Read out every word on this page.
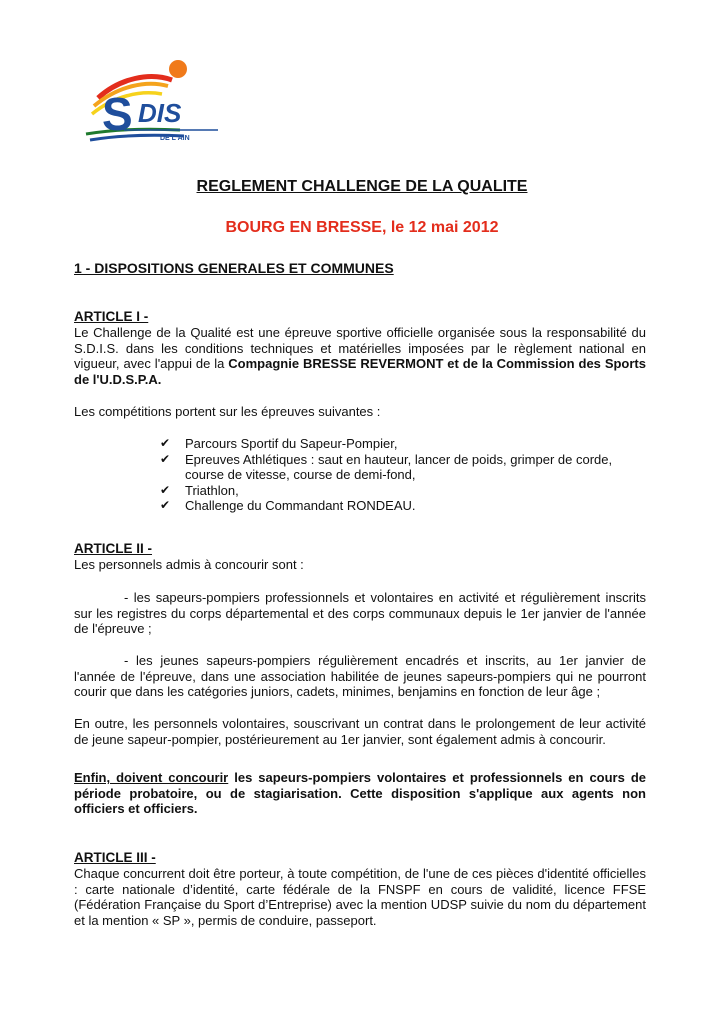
S DIS
DE L'AIN
REGLEMENT CHALLENGE DE LA QUALITE
BOURG EN BRESSE, le 12 mai 2012
1 - DISPOSITIONS GENERALES ET COMMUNES
ARTICLE I -
Le Challenge de la Qualité est une épreuve sportive officielle organisée sous la responsabilité du S.D.I.S. dans les conditions techniques et matérielles imposées par le règlement national en vigueur, avec l'appui de la Compagnie BRESSE REVERMONT et de la Commission des Sports de l'U.D.S.P.A.
Les compétitions portent sur les épreuves suivantes :
✔ Parcours Sportif du Sapeur-Pompier,
✔ Epreuves Athlétiques : saut en hauteur, lancer de poids, grimper de corde, course de vitesse, course de demi-fond,
✔ Triathlon,
✔ Challenge du Commandant RONDEAU.
ARTICLE II -
Les personnels admis à concourir sont :
- les sapeurs-pompiers professionnels et volontaires en activité et régulièrement inscrits sur les registres du corps départemental et des corps communaux depuis le 1er janvier de l'année de l'épreuve ;
- les jeunes sapeurs-pompiers régulièrement encadrés et inscrits, au 1er janvier de l'année de l'épreuve, dans une association habilitée de jeunes sapeurs-pompiers qui ne pourront courir que dans les catégories juniors, cadets, minimes, benjamins en fonction de leur âge ;
En outre, les personnels volontaires, souscrivant un contrat dans le prolongement de leur activité de jeune sapeur-pompier, postérieurement au 1er janvier, sont également admis à concourir.
Enfin, doivent concourir les sapeurs-pompiers volontaires et professionnels en cours de période probatoire, ou de stagiarisation. Cette disposition s'applique aux agents non officiers et officiers.
ARTICLE III -
Chaque concurrent doit être porteur, à toute compétition, de l'une de ces pièces d'identité officielles : carte nationale d’identité, carte fédérale de la FNSPF en cours de validité, licence FFSE (Fédération Française du Sport d’Entreprise) avec la mention UDSP suivie du nom du département et la mention « SP », permis de conduire, passeport.
